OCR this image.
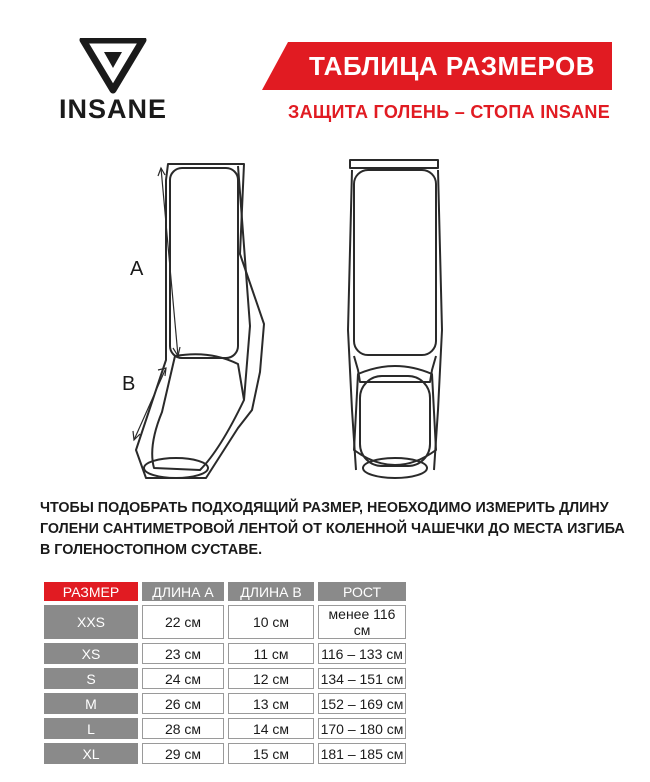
INSANE
ТАБЛИЦА РАЗМЕРОВ
ЗАЩИТА ГОЛЕНЬ – СТОПА INSANE
A
B
ЧТОБЫ ПОДОБРАТЬ ПОДХОДЯЩИЙ РАЗМЕР, НЕОБХОДИМО ИЗМЕРИТЬ ДЛИНУ
ГОЛЕНИ САНТИМЕТРОВОЙ ЛЕНТОЙ ОТ КОЛЕННОЙ ЧАШЕЧКИ ДО МЕСТА ИЗГИБА
В ГОЛЕНОСТОПНОМ СУСТАВЕ.
РАЗМЕР	ДЛИНА А	ДЛИНА В	РОСТ
XXS	22 см	10 см	менее 116 см
XS	23 см	11 см	116 – 133 см
S	24 см	12 см	134 – 151 см
M	26 см	13 см	152 – 169 см
L	28 см	14 см	170 – 180 см
XL	29 см	15 см	181 – 185 см
